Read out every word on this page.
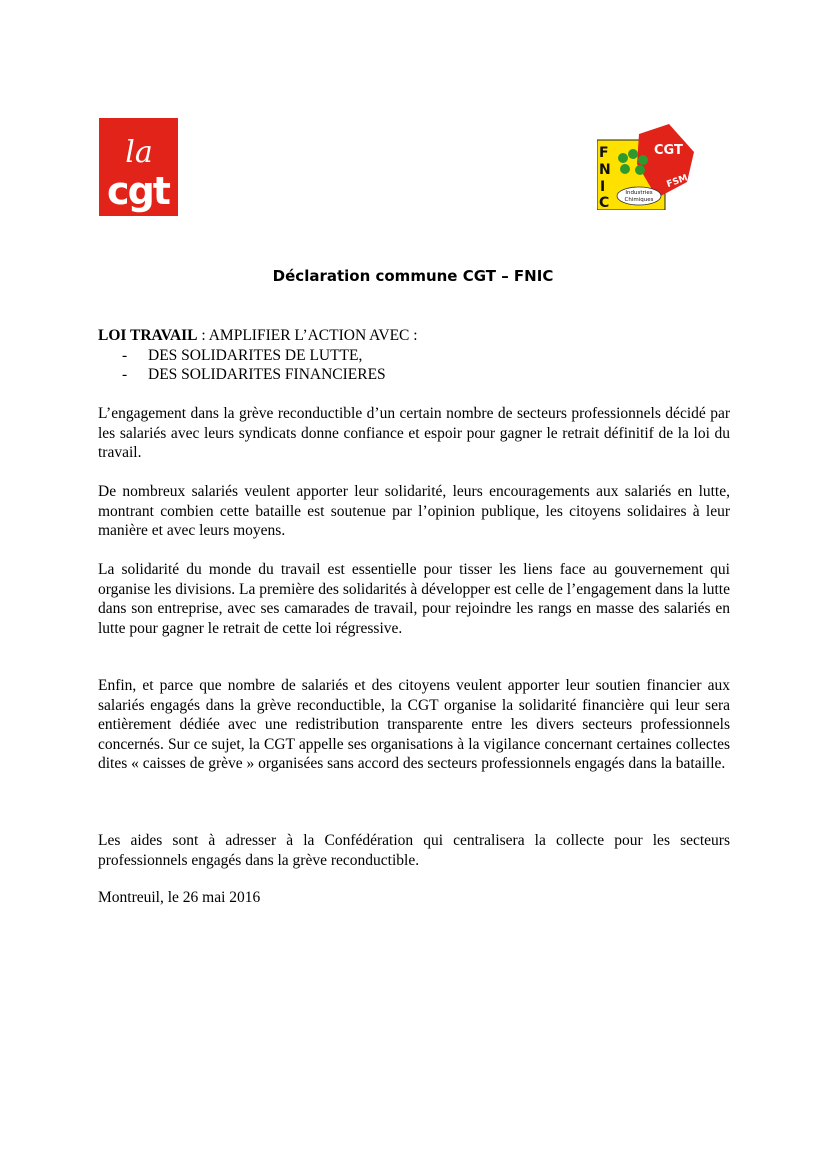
la
cgt
CGT
FSM
F
N
I
C
Industries
Chimiques
Déclaration commune CGT – FNIC
LOI TRAVAIL : AMPLIFIER L’ACTION AVEC :
- DES SOLIDARITES DE LUTTE,
- DES SOLIDARITES FINANCIERES

L’engagement dans la grève reconductible d’un certain nombre de secteurs professionnels décidé par les salariés avec leurs syndicats donne confiance et espoir pour gagner le retrait définitif de la loi du travail.

De nombreux salariés veulent apporter leur solidarité, leurs encouragements aux salariés en lutte, montrant combien cette bataille est soutenue par l’opinion publique, les citoyens solidaires à leur manière et avec leurs moyens.

La solidarité du monde du travail est essentielle pour tisser les liens face au gouvernement qui organise les divisions. La première des solidarités à développer est celle de l’engagement dans la lutte dans son entreprise, avec ses camarades de travail, pour rejoindre les rangs en masse des salariés en lutte pour gagner le retrait de cette loi régressive.

Enfin, et parce que nombre de salariés et des citoyens veulent apporter leur soutien financier aux salariés engagés dans la grève reconductible, la CGT organise la solidarité financière qui leur sera entièrement dédiée avec une redistribution transparente entre les divers secteurs professionnels concernés. Sur ce sujet, la CGT appelle ses organisations à la vigilance concernant certaines collectes dites « caisses de grève » organisées sans accord des secteurs professionnels engagés dans la bataille.

Les aides sont à adresser à la Confédération qui centralisera la collecte pour les secteurs professionnels engagés dans la grève reconductible.

Montreuil, le 26 mai 2016
